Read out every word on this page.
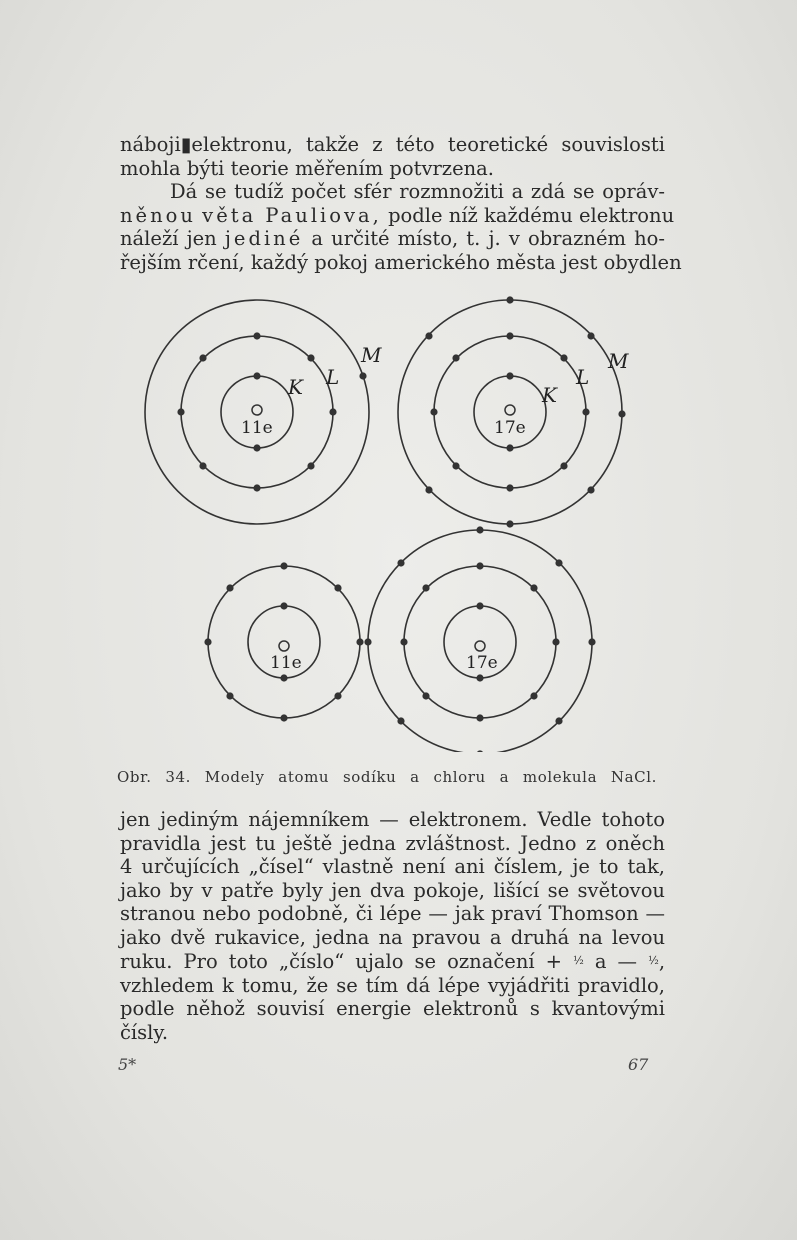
náboji▮elektronu, takže z této teoretické souvislosti
mohla býti teorie měřením potvrzena.
Dá se tudíž počet sfér rozmnožiti a zdá se opráv-
něnou věta Pauliova, podle níž každému elektronu
náleží jen jediné a určité místo, t. j. v obrazném ho-
řejším rčení, každý pokoj amerického města jest obydlen

11e
K L
M
17e
K
L
M
11e	17e
Obr. 34. Modely atomu sodíku a chloru a molekula NaCl.

jen jediným nájemníkem — elektronem. Vedle tohoto
pravidla jest tu ještě jedna zvláštnost. Jedno z oněch
4 určujících „čísel“ vlastně není ani číslem, je to tak,
jako by v patře byly jen dva pokoje, lišící se světovou
stranou nebo podobně, či lépe — jak praví Thomson —
jako dvě rukavice, jedna na pravou a druhá na levou
ruku. Pro toto „číslo“ ujalo se označení + $^{\frac{1}{2}}$ a — $^{\frac{1}{2}}$,
vzhledem k tomu, že se tím dá lépe vyjádřiti pravidlo,
podle něhož souvisí energie elektronů s kvantovými
čísly.

5*	67
